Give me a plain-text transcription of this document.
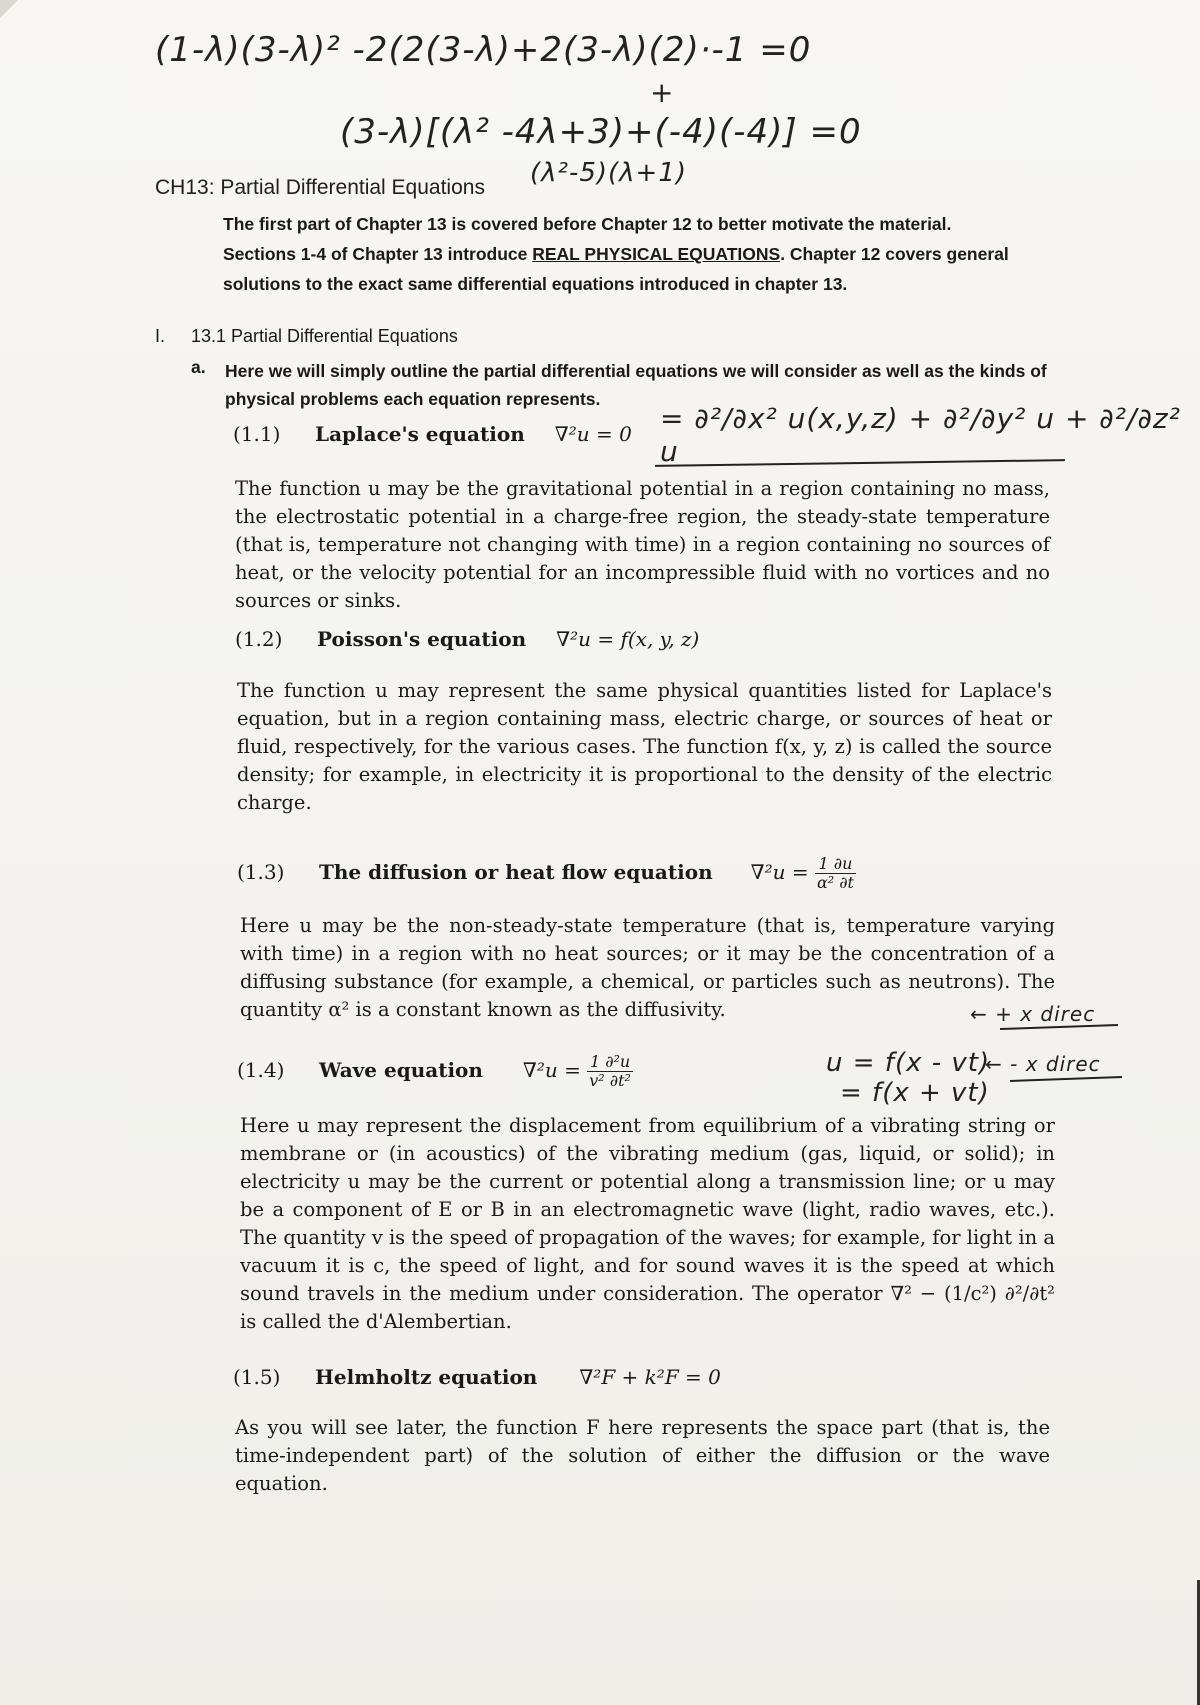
(1-λ)(3-λ)² -2(2(3-λ)+2(3-λ)(2)·-1 =0
+
(3-λ)[(λ² -4λ+3)+(-4)(-4)] =0
(λ²-5)(λ+1)
CH13: Partial Differential Equations
The first part of Chapter 13 is covered before Chapter 12 to better motivate the material.
Sections 1-4 of Chapter 13 introduce REAL PHYSICAL EQUATIONS. Chapter 12 covers general
solutions to the exact same differential equations introduced in chapter 13.
I. 13.1 Partial Differential Equations
a. Here we will simply outline the partial differential equations we will consider as well as the kinds of physical problems each equation represents.
(1.1) Laplace's equation ∇²u = 0 = ∂²/∂x² u(x,y,z) + ∂²/∂y² u + ∂²/∂z² u
The function u may be the gravitational potential in a region containing no mass, the electrostatic potential in a charge-free region, the steady-state temperature (that is, temperature not changing with time) in a region containing no sources of heat, or the velocity potential for an incompressible fluid with no vortices and no sources or sinks.
(1.2) Poisson's equation ∇²u = f(x, y, z)
The function u may represent the same physical quantities listed for Laplace's equation, but in a region containing mass, electric charge, or sources of heat or fluid, respectively, for the various cases. The function f(x, y, z) is called the source density; for example, in electricity it is proportional to the density of the electric charge.
(1.3) The diffusion or heat flow equation $\nabla^2u = \frac{1 \partial u}{\text{α² ∂t}}$
Here u may be the non-steady-state temperature (that is, temperature varying with time) in a region with no heat sources; or it may be the concentration of a diffusing substance (for example, a chemical, or particles such as neutrons). The quantity α² is a constant known as the diffusivity.
(1.4) Wave equation $\nabla^2u = \frac{\text{1 ∂²u}}{\text{v² ∂t²}}$	u = f(x - vt)
= f(x + vt)
← + x direc
← - x direc
Here u may represent the displacement from equilibrium of a vibrating string or membrane or (in acoustics) of the vibrating medium (gas, liquid, or solid); in electricity u may be the current or potential along a transmission line; or u may be a component of E or B in an electromagnetic wave (light, radio waves, etc.). The quantity v is the speed of propagation of the waves; for example, for light in a vacuum it is c, the speed of light, and for sound waves it is the speed at which sound travels in the medium under consideration. The operator ∇² − (1/c²) ∂²/∂t² is called the d'Alembertian.
(1.5) Helmholtz equation ∇²F + k²F = 0
As you will see later, the function F here represents the space part (that is, the time-independent part) of the solution of either the diffusion or the wave equation.
